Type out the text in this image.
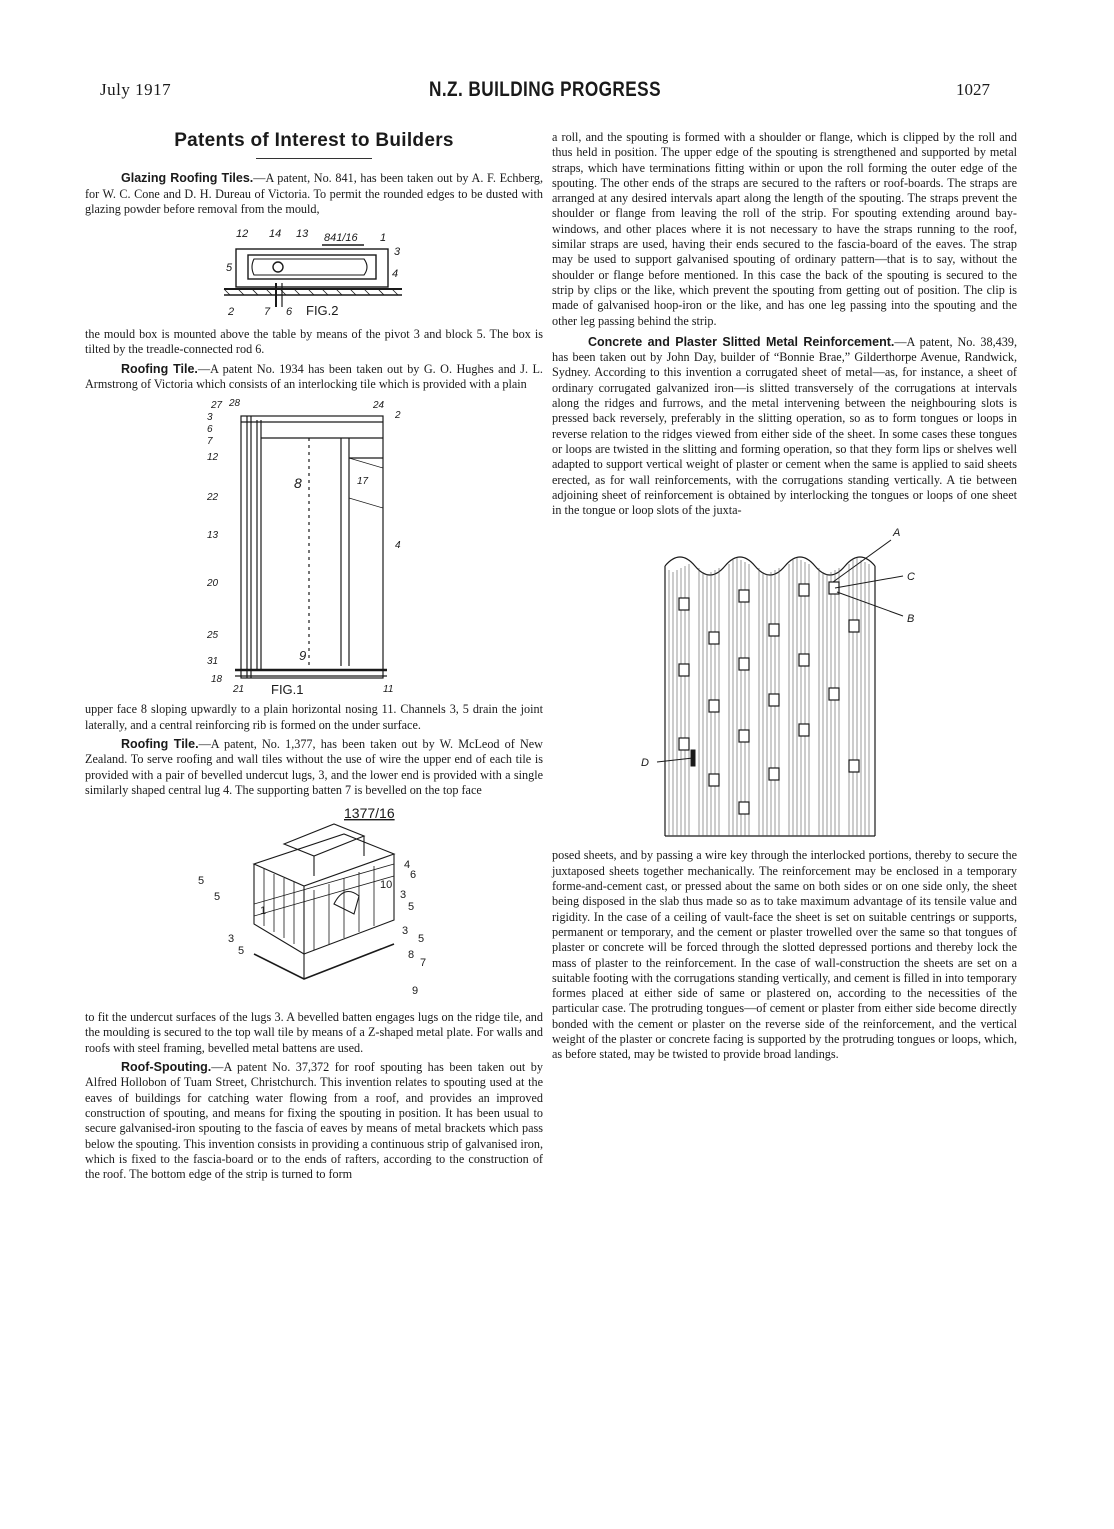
July 1917	N.Z. BUILDING PROGRESS	1027
Patents of Interest to Builders

Glazing Roofing Tiles.—A patent, No. 841, has been taken out by A. F. Echberg, for W. C. Cone and D. H. Dureau of Victoria. To permit the rounded edges to be dusted with glazing powder before removal from the mould,

12 14 13 841/16 1
3
5	4
2	7 6 FIG.2

the mould box is mounted above the table by means of the pivot 3 and block 5. The box is tilted by the treadle-connected rod 6.

Roofing Tile.—A patent No. 1934 has been taken out by G. O. Hughes and J. L. Armstrong of Victoria which consists of an interlocking tile which is provided with a plain

27 28	24
2
3
6
7
12
8	17
22
13
4
20
25
31	9
18
21	11
FIG.1

upper face 8 sloping upwardly to a plain horizontal nosing 11. Channels 3, 5 drain the joint laterally, and a central reinforcing rib is formed on the under surface.

Roofing Tile.—A patent, No. 1,377, has been taken out by W. McLeod of New Zealand. To serve roofing and wall tiles without the use of wire the upper end of each tile is provided with a pair of bevelled undercut lugs, 3, and the lower end is provided with a single similarly shaped central lug 4. The supporting batten 7 is bevelled on the top face

1377/16
5
5
4
6
10
3
5
1
3
5
3
5
8
7
9

to fit the undercut surfaces of the lugs 3. A bevelled batten engages lugs on the ridge tile, and the moulding is secured to the top wall tile by means of a Z-shaped metal plate. For walls and roofs with steel framing, bevelled metal battens are used.

Roof-Spouting.—A patent No. 37,372 for roof spouting has been taken out by Alfred Hollobon of Tuam Street, Christchurch. This invention relates to spouting used at the eaves of buildings for catching water flowing from a roof, and provides an improved construction of spouting, and means for fixing the spouting in position. It has been usual to secure galvanised-iron spouting to the fascia of eaves by means of metal brackets which pass below the spouting. This invention consists in providing a continuous strip of galvanised iron, which is fixed to the fascia-board or to the ends of rafters, according to the construction of the roof. The bottom edge of the strip is turned to form

a roll, and the spouting is formed with a shoulder or flange, which is clipped by the roll and thus held in position. The upper edge of the spouting is strengthened and supported by metal straps, which have terminations fitting within or upon the roll forming the outer edge of the spouting. The other ends of the straps are secured to the rafters or roof-boards. The straps are arranged at any desired intervals apart along the length of the spouting. The straps prevent the shoulder or flange from leaving the roll of the strip. For spouting extending around bay-windows, and other places where it is not necessary to have the straps running to the roof, similar straps are used, having their ends secured to the fascia-board of the eaves. The strap may be used to support galvanised spouting of ordinary pattern—that is to say, without the shoulder or flange before mentioned. In this case the back of the spouting is secured to the strip by clips or the like, which prevent the spouting from getting out of position. The clip is made of galvanised hoop-iron or the like, and has one leg passing into the spouting and the other leg passing behind the strip.

Concrete and Plaster Slitted Metal Reinforcement.—A patent, No. 38,439, has been taken out by John Day, builder of “Bonnie Brae,” Gilderthorpe Avenue, Randwick, Sydney. According to this invention a corrugated sheet of metal—as, for instance, a sheet of ordinary corrugated galvanized iron—is slitted transversely of the corrugations at intervals along the ridges and furrows, and the metal intervening between the neighbouring slots is pressed back reversely, preferably in the slitting operation, so as to form tongues or loops in reverse relation to the ridges viewed from either side of the sheet. In some cases these tongues or loops are twisted in the slitting and forming operation, so that they form lips or shelves well adapted to support vertical weight of plaster or cement when the same is applied to said sheets erected, as for wall reinforcements, with the corrugations standing vertically. A tie between adjoining sheet of reinforcement is obtained by interlocking the tongues or loops of one sheet in the tongue or loop slots of the juxta-

A
C
B
D

posed sheets, and by passing a wire key through the interlocked portions, thereby to secure the juxtaposed sheets together mechanically. The reinforcement may be enclosed in a temporary forme-and-cement cast, or pressed about the same on both sides or on one side only, the sheet being disposed in the slab thus made so as to take maximum advantage of its tensile value and rigidity. In the case of a ceiling of vault-face the sheet is set on suitable centrings or supports, permanent or temporary, and the cement or plaster trowelled over the same so that tongues of plaster or concrete will be forced through the slotted depressed portions and thereby lock the mass of plaster to the reinforcement. In the case of wall-construction the sheets are set on a suitable footing with the corrugations standing vertically, and cement is filled in into temporary formes placed at either side of same or plastered on, according to the necessities of the particular case. The protruding tongues—of cement or plaster from either side become directly bonded with the cement or plaster on the reverse side of the reinforcement, and the vertical weight of the plaster or concrete facing is supported by the protruding tongues or loops, which, as before stated, may be twisted to provide broad landings.
